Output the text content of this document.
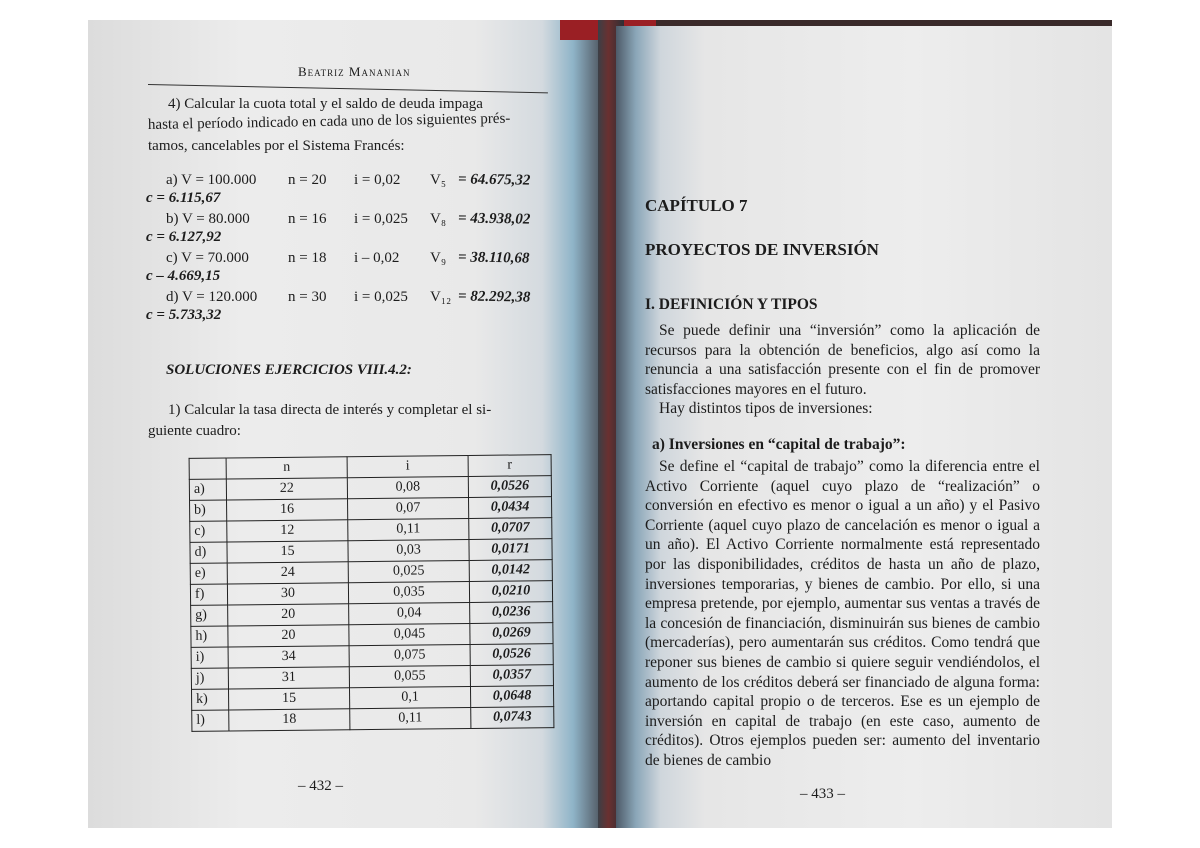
Beatriz Mananian
4) Calcular la cuota total y el saldo de deuda impaga
hasta el período indicado en cada uno de los siguientes prés-
tamos, cancelables por el Sistema Francés:
a) V = 100.000 n = 20 i = 0,02 V₅ = 64.675,32
c = 6.115,67
b) V = 80.000	n = 16 i = 0,025 V₈ = 43.938,02
c = 6.127,92
c) V = 70.000	n = 18 i – 0,02 V₉ = 38.110,68
c – 4.669,15
d) V = 120.000 n = 30 i = 0,025 V₁₂ = 82.292,38
c = 5.733,32
SOLUCIONES EJERCICIOS VIII.4.2:
1) Calcular la tasa directa de interés y completar el si-
guiente cuadro:
	n	i	r
a)	22	0,08	0,0526
b)	16	0,07	0,0434
c)	12	0,11	0,0707
d)	15	0,03	0,0171
e)	24	0,025	0,0142
f)	30	0,035	0,0210
g)	20	0,04	0,0236
h)	20	0,045	0,0269
i)	34	0,075	0,0526
j)	31	0,055	0,0357
k)	15	0,1	0,0648
l)	18	0,11	0,0743
– 432 –
CAPÍTULO 7
PROYECTOS DE INVERSIÓN
I. DEFINICIÓN Y TIPOS
Se puede definir una “inversión” como la aplicación de recursos para la obtención de beneficios, algo así como la renuncia a una satisfacción presente con el fin de promover satisfacciones mayores en el futuro.
Hay distintos tipos de inversiones:
a) Inversiones en “capital de trabajo”:
Se define el “capital de trabajo” como la diferencia entre el Activo Corriente (aquel cuyo plazo de “realización” o conversión en efectivo es menor o igual a un año) y el Pasivo Corriente (aquel cuyo plazo de cancelación es menor o igual a un año). El Activo Corriente normalmente está representado por las disponibilidades, créditos de hasta un año de plazo, inversiones temporarias, y bienes de cambio. Por ello, si una empresa pretende, por ejemplo, aumentar sus ventas a través de la concesión de financiación, disminuirán sus bienes de cambio (mercaderías), pero aumentarán sus créditos. Como tendrá que reponer sus bienes de cambio si quiere seguir vendiéndolos, el aumento de los créditos deberá ser financiado de alguna forma: aportando capital propio o de terceros. Ese es un ejemplo de inversión en capital de trabajo (en este caso, aumento de créditos). Otros ejemplos pueden ser: aumento del inventario de bienes de cambio
– 433 –
